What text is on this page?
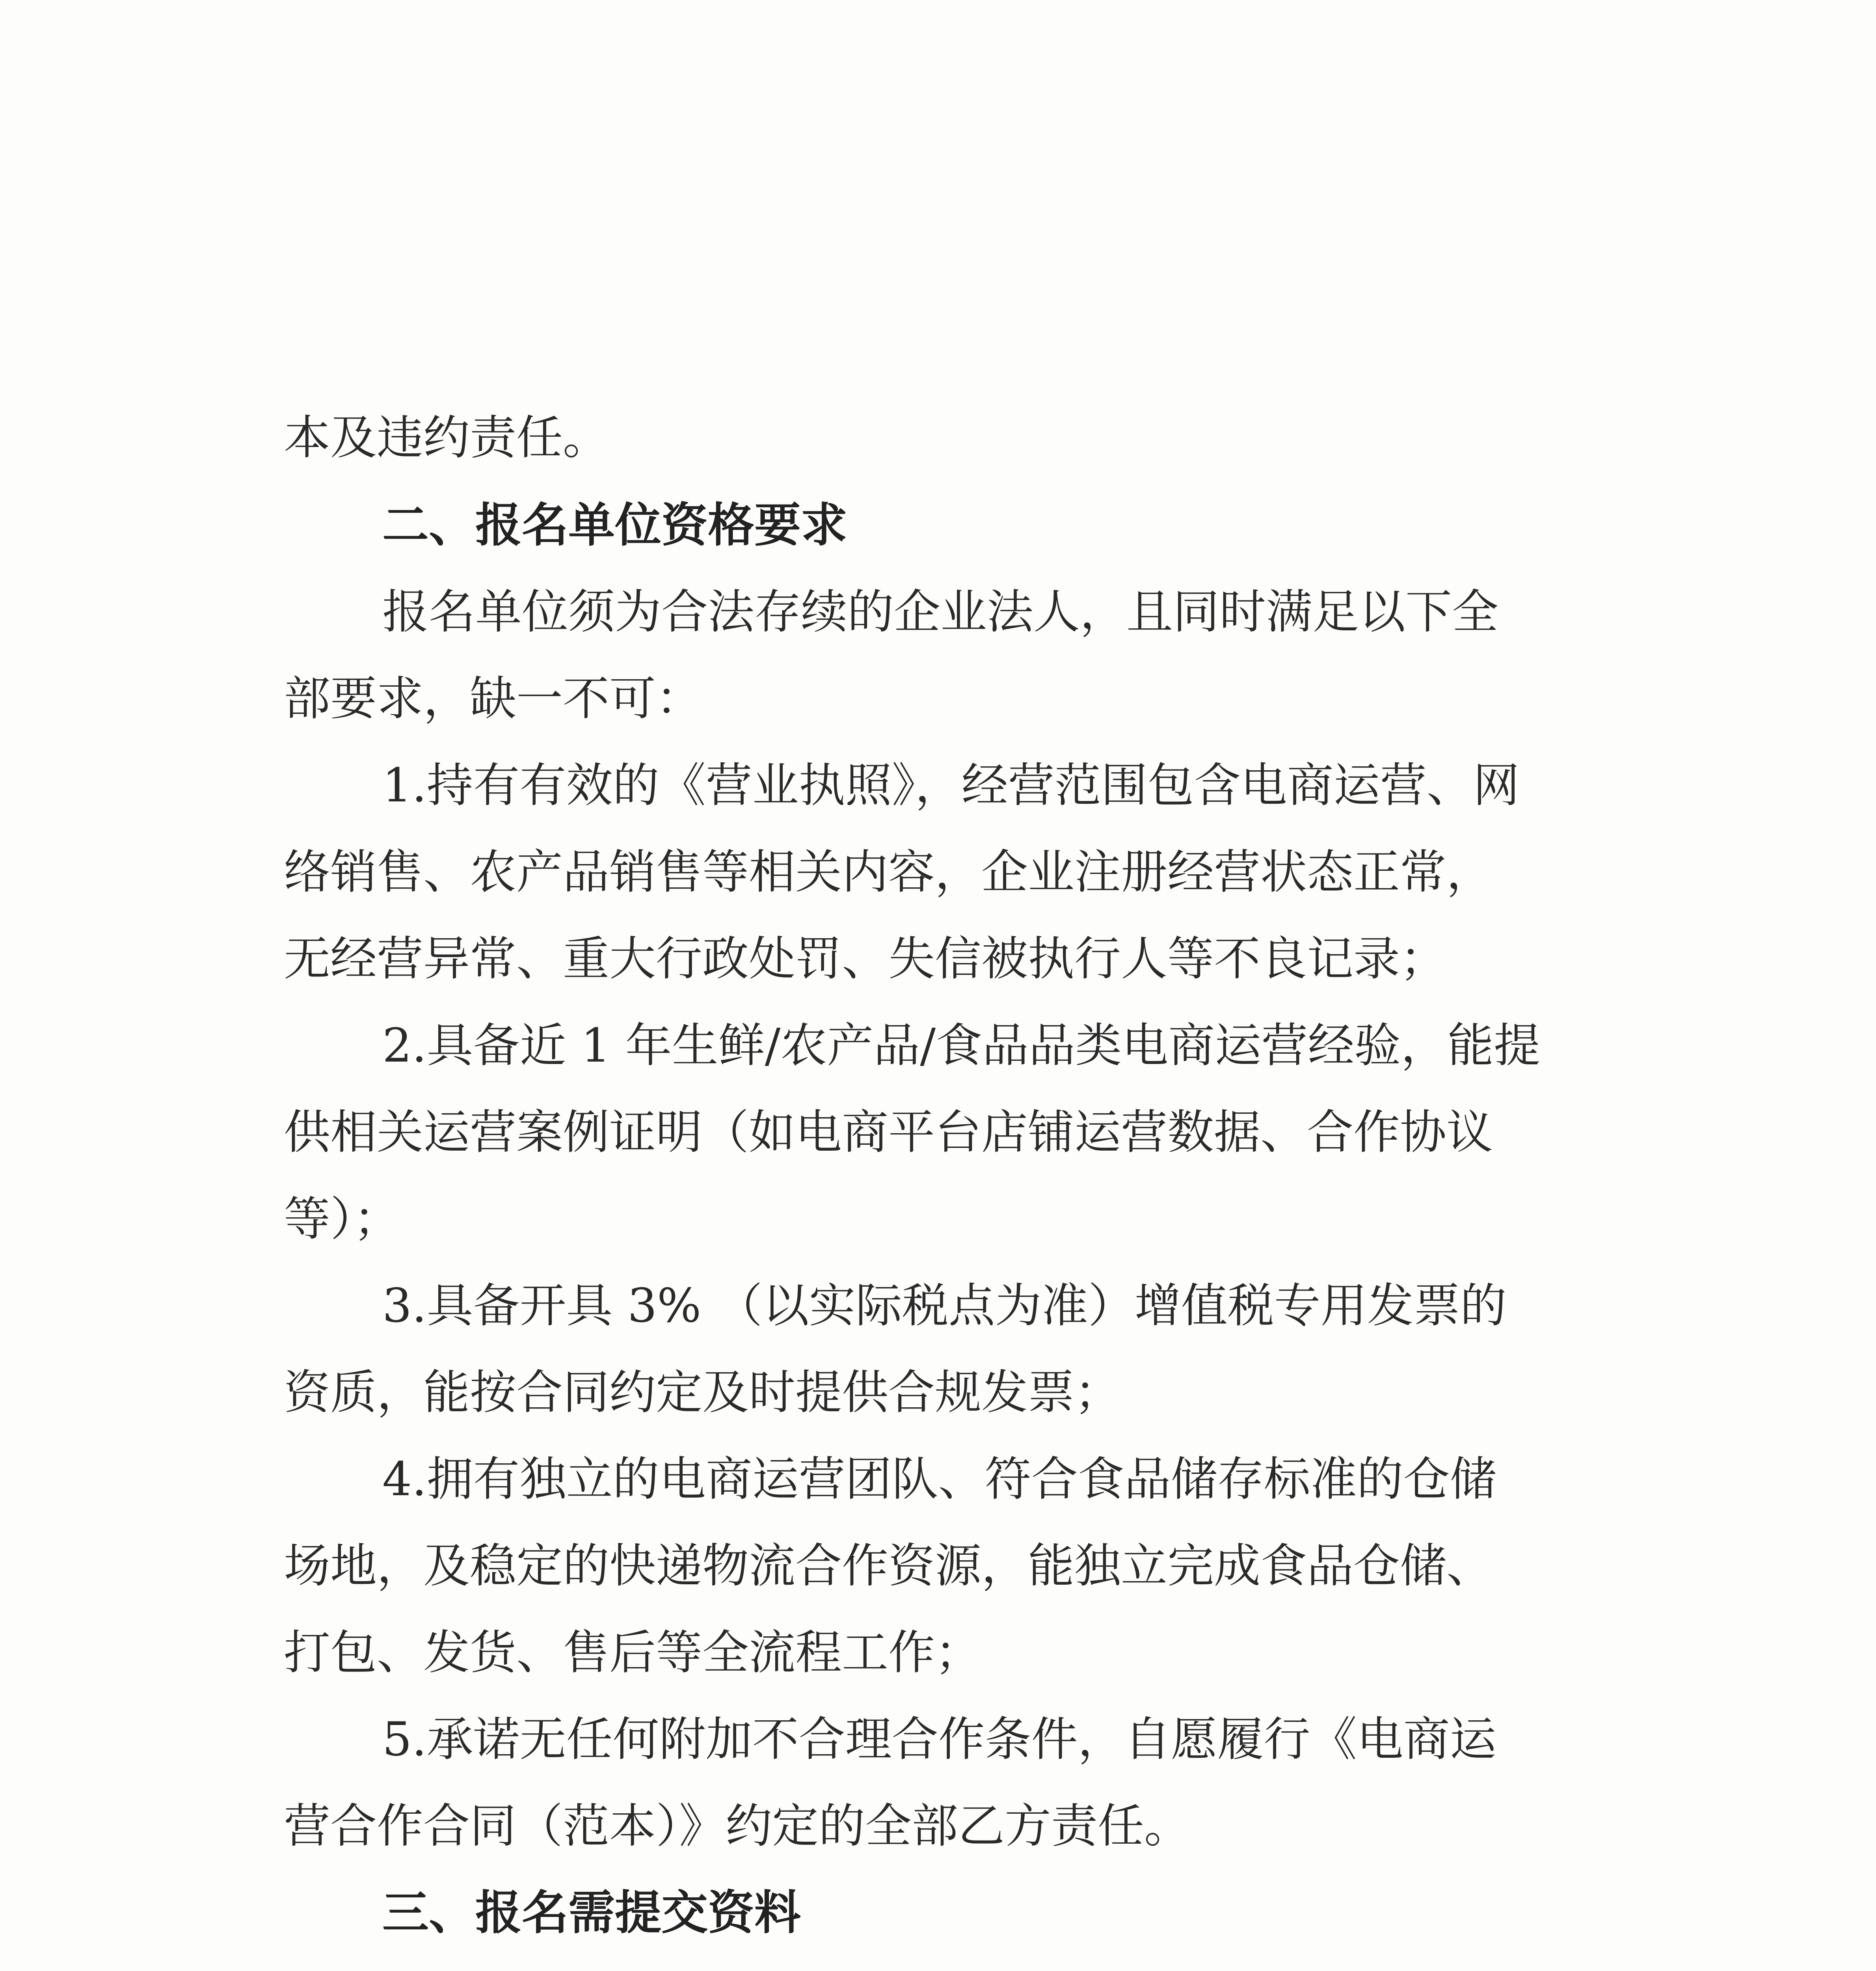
本及违约责任。
二、报名单位资格要求
报名单位须为合法存续的企业法人，且同时满足以下全
部要求，缺一不可：
1.持有有效的《营业执照》，经营范围包含电商运营、网
络销售、农产品销售等相关内容，企业注册经营状态正常，
无经营异常、重大行政处罚、失信被执行人等不良记录；
2.具备近 1 年生鲜/农产品/食品品类电商运营经验，能提
供相关运营案例证明（如电商平台店铺运营数据、合作协议
等）；
3.具备开具 3% （以实际税点为准）增值税专用发票的
资质，能按合同约定及时提供合规发票；
4.拥有独立的电商运营团队、符合食品储存标准的仓储
场地，及稳定的快递物流合作资源，能独立完成食品仓储、
打包、发货、售后等全流程工作；
5.承诺无任何附加不合理合作条件，自愿履行《电商运
营合作合同（范本）》约定的全部乙方责任。
三、报名需提交资料
